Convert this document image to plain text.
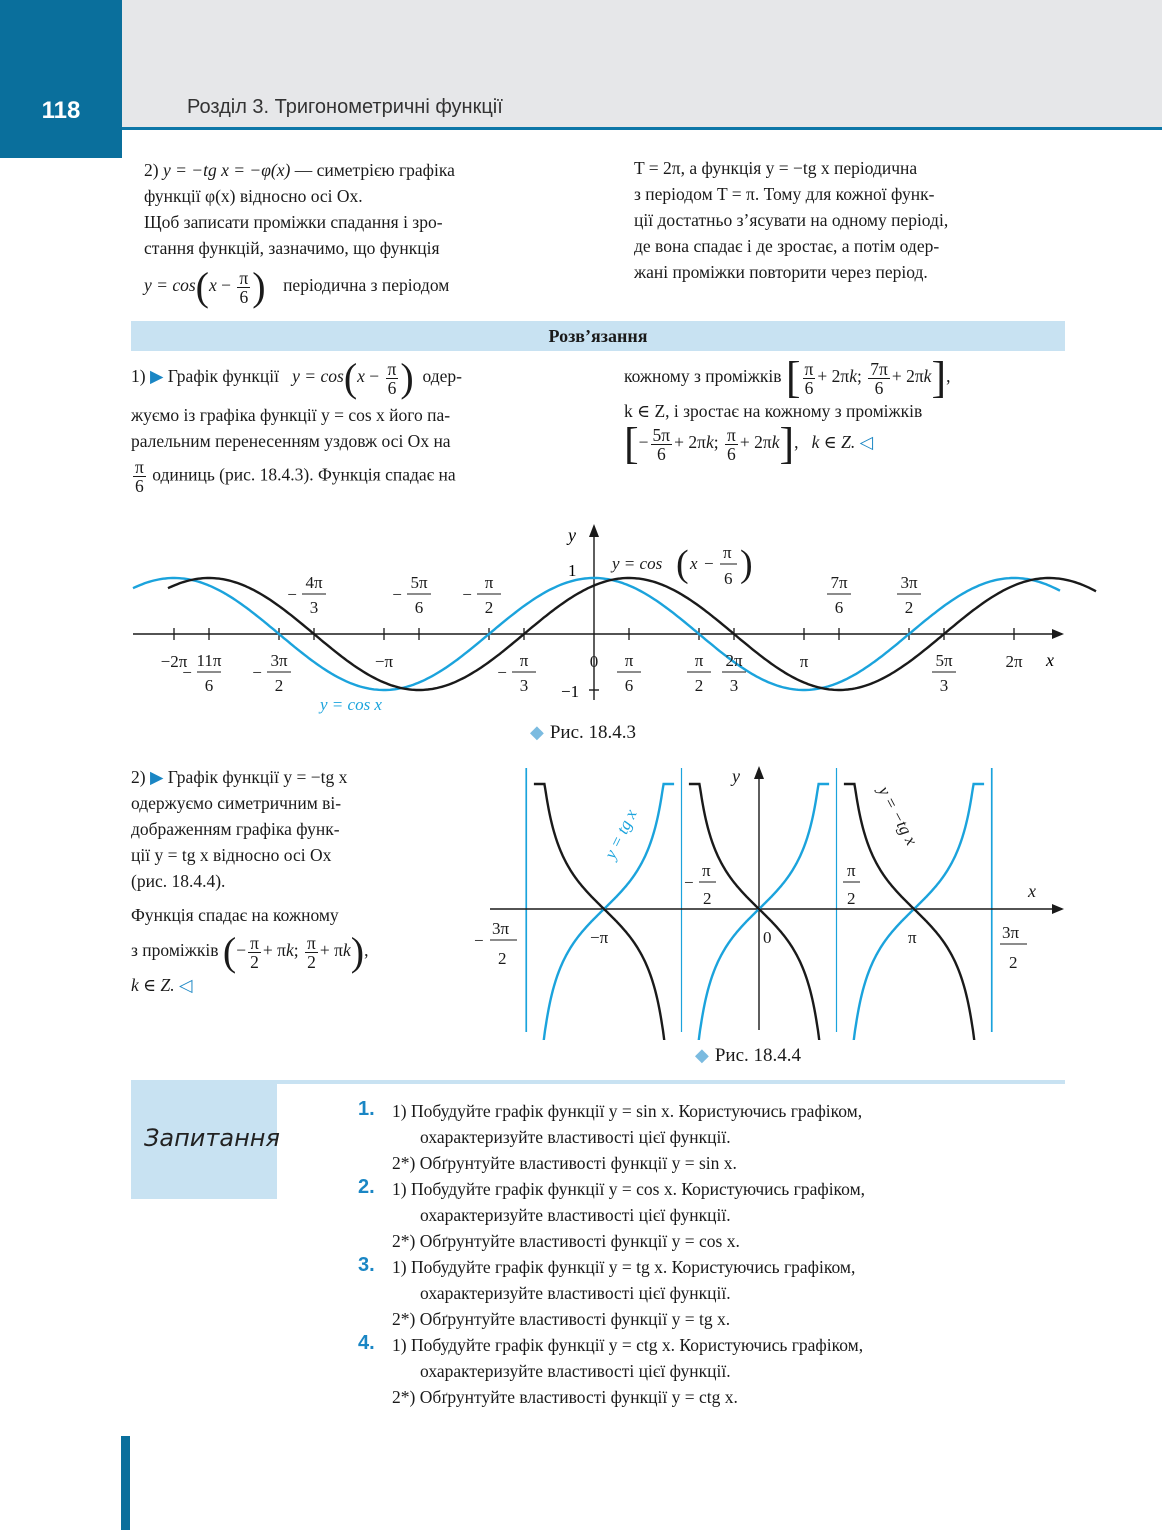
118	Розділ 3. Тригонометричні функції
2) y = −tg x = −φ(x) — симетрією графіка
функції φ(x) відносно осі Ox.
Щоб записати проміжки спадання і зро-
стання функцій, зазначимо, що функція
$y = \cos(x - \frac{\pi}{6}$ ) періодична з періодом
T = 2π, а функція y = −tg x періодична
з періодом T = π. Тому для кожної функ-
ції достатньо з’ясувати на одному періоді,
де вона спадає і де зростає, а потім одер-
жані проміжки повторити через період.
Розв’язання
1) ▶ Графік функції $y = \cos(x - \frac{\pi}{6}$ ) одер-
жуємо із графіка функції y = cos x його па-
ралельним перенесенням уздовж осі Ox на
$\frac{\pi}{6}$ одиниць (рис. 18.4.3). Функція спадає на
кожному з проміжків [ $\frac{\pi}{6} + 2\pi k$; $\frac{7\pi}{6} + 2\pi k$],
k ∈ Z, і зростає на кожному з проміжків
[− $\frac{5\pi}{6} + 2\pi k$; $\frac{\pi}{6} + 2\pi k$],   k ∈ Z. ◁
−2π 11π
6
−
3π
2
−
4π
3
−
−π
5π
6
−
π
2
−
π
3
−
0 π
6
π
2
2π
3
π
7π
6
3π
2
5π
3
2π
y
x
1
−1
y = cos ( x −
π
6 )
y = cos x
◆ Рис. 18.4.3
2) ▶ Графік функції y = −tg x
одержуємо симетричним ві-
дображенням графіка функ-
ції y = tg x відносно осі Ox
(рис. 18.4.4).
Функція спадає на кожному
з проміжків (− $\frac{\pi}{2} + \pi k$; $\frac{\pi}{2} + \pi k$),
k ∈ Z. ◁
y
x
−π	0	π
−
3π
2
−
π
2
π
2
3π
2
y = tg x	y = −tg x
◆ Рис. 18.4.4
Запитання
1. 1) Побудуйте графік функції y = sin x. Користуючись графіком,
охарактеризуйте властивості цієї функції.
2*) Обґрунтуйте властивості функції y = sin x.
2. 1) Побудуйте графік функції y = cos x. Користуючись графіком,
охарактеризуйте властивості цієї функції.
2*) Обґрунтуйте властивості функції y = cos x.
3. 1) Побудуйте графік функції y = tg x. Користуючись графіком,
охарактеризуйте властивості цієї функції.
2*) Обґрунтуйте властивості функції y = tg x.
4. 1) Побудуйте графік функції y = ctg x. Користуючись графіком,
охарактеризуйте властивості цієї функції.
2*) Обґрунтуйте властивості функції y = ctg x.
